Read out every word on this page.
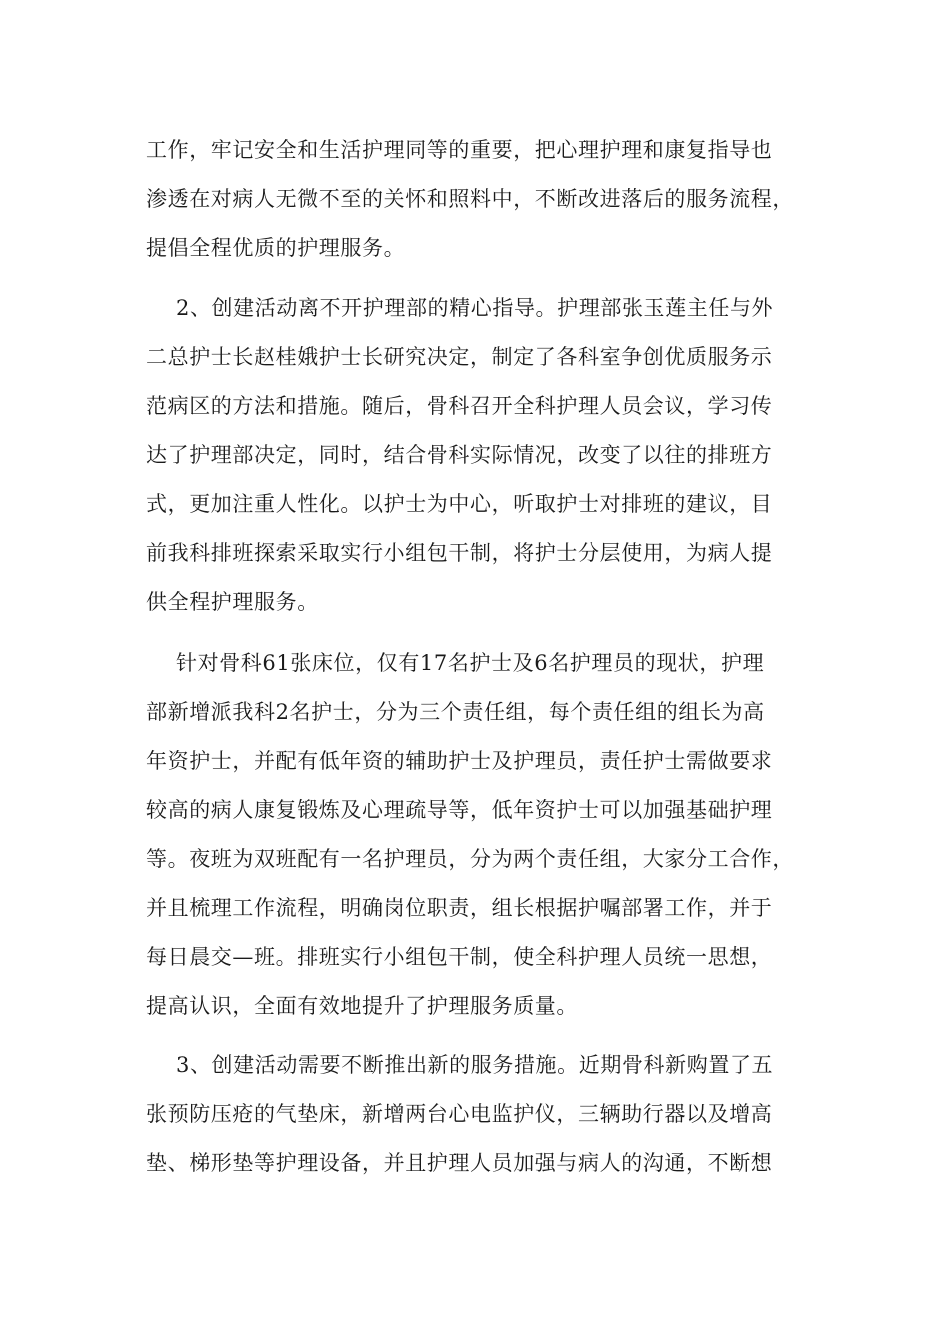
工作，牢记安全和生活护理同等的重要，把心理护理和康复指导也
渗透在对病人无微不至的关怀和照料中，不断改进落后的服务流程，
提倡全程优质的护理服务。
2、创建活动离不开护理部的精心指导。护理部张玉莲主任与外
二总护士长赵桂娥护士长研究决定，制定了各科室争创优质服务示
范病区的方法和措施。随后，骨科召开全科护理人员会议，学习传
达了护理部决定，同时，结合骨科实际情况，改变了以往的排班方
式，更加注重人性化。以护士为中心，听取护士对排班的建议，目
前我科排班探索采取实行小组包干制，将护士分层使用，为病人提
供全程护理服务。
针对骨科61张床位，仅有17名护士及6名护理员的现状，护理
部新增派我科2名护士，分为三个责任组，每个责任组的组长为高
年资护士，并配有低年资的辅助护士及护理员，责任护士需做要求
较高的病人康复锻炼及心理疏导等，低年资护士可以加强基础护理
等。夜班为双班配有一名护理员，分为两个责任组，大家分工合作，
并且梳理工作流程，明确岗位职责，组长根据护嘱部署工作，并于
每日晨交—班。排班实行小组包干制，使全科护理人员统一思想，
提高认识，全面有效地提升了护理服务质量。
3、创建活动需要不断推出新的服务措施。近期骨科新购置了五
张预防压疮的气垫床，新增两台心电监护仪，三辆助行器以及增高
垫、梯形垫等护理设备，并且护理人员加强与病人的沟通，不断想
